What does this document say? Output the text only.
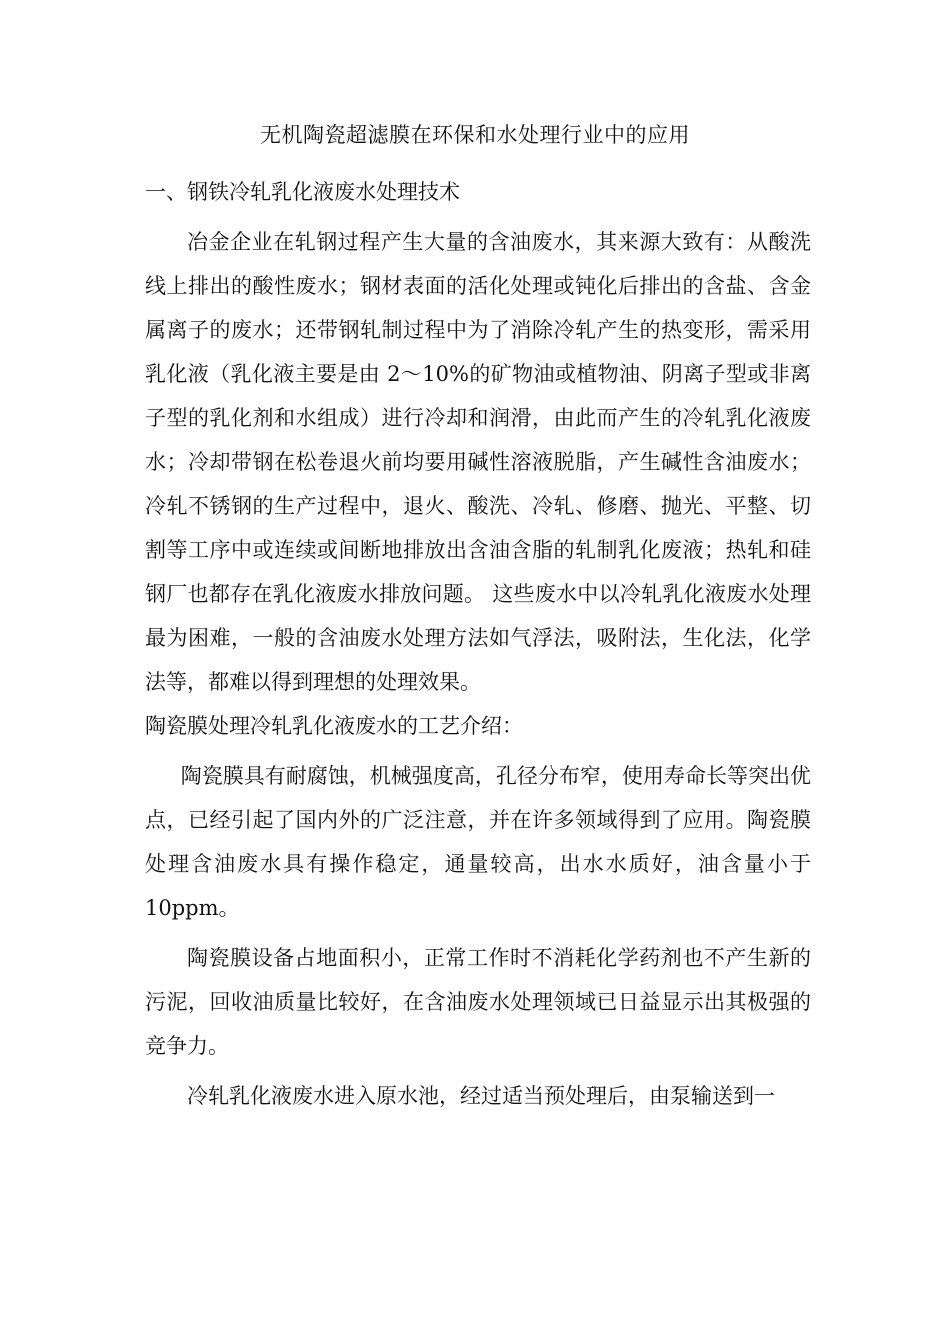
无机陶瓷超滤膜在环保和水处理行业中的应用

一、钢铁冷轧乳化液废水处理技术

冶金企业在轧钢过程产生大量的含油废水，其来源大致有：从酸洗线上排出的酸性废水；钢材表面的活化处理或钝化后排出的含盐、含金属离子的废水；还带钢轧制过程中为了消除冷轧产生的热变形，需采用乳化液（乳化液主要是由 2～10%的矿物油或植物油、阴离子型或非离子型的乳化剂和水组成）进行冷却和润滑，由此而产生的冷轧乳化液废水；冷却带钢在松卷退火前均要用碱性溶液脱脂，产生碱性含油废水；冷轧不锈钢的生产过程中，退火、酸洗、冷轧、修磨、抛光、平整、切割等工序中或连续或间断地排放出含油含脂的轧制乳化废液；热轧和硅钢厂也都存在乳化液废水排放问题。 这些废水中以冷轧乳化液废水处理最为困难，一般的含油废水处理方法如气浮法，吸附法，生化法，化学法等，都难以得到理想的处理效果。

陶瓷膜处理冷轧乳化液废水的工艺介绍：

陶瓷膜具有耐腐蚀，机械强度高，孔径分布窄，使用寿命长等突出优点，已经引起了国内外的广泛注意，并在许多领域得到了应用。陶瓷膜处理含油废水具有操作稳定，通量较高，出水水质好，油含量小于 10ppm。

陶瓷膜设备占地面积小，正常工作时不消耗化学药剂也不产生新的污泥，回收油质量比较好，在含油废水处理领域已日益显示出其极强的竞争力。

冷轧乳化液废水进入原水池，经过适当预处理后，由泵输送到一
